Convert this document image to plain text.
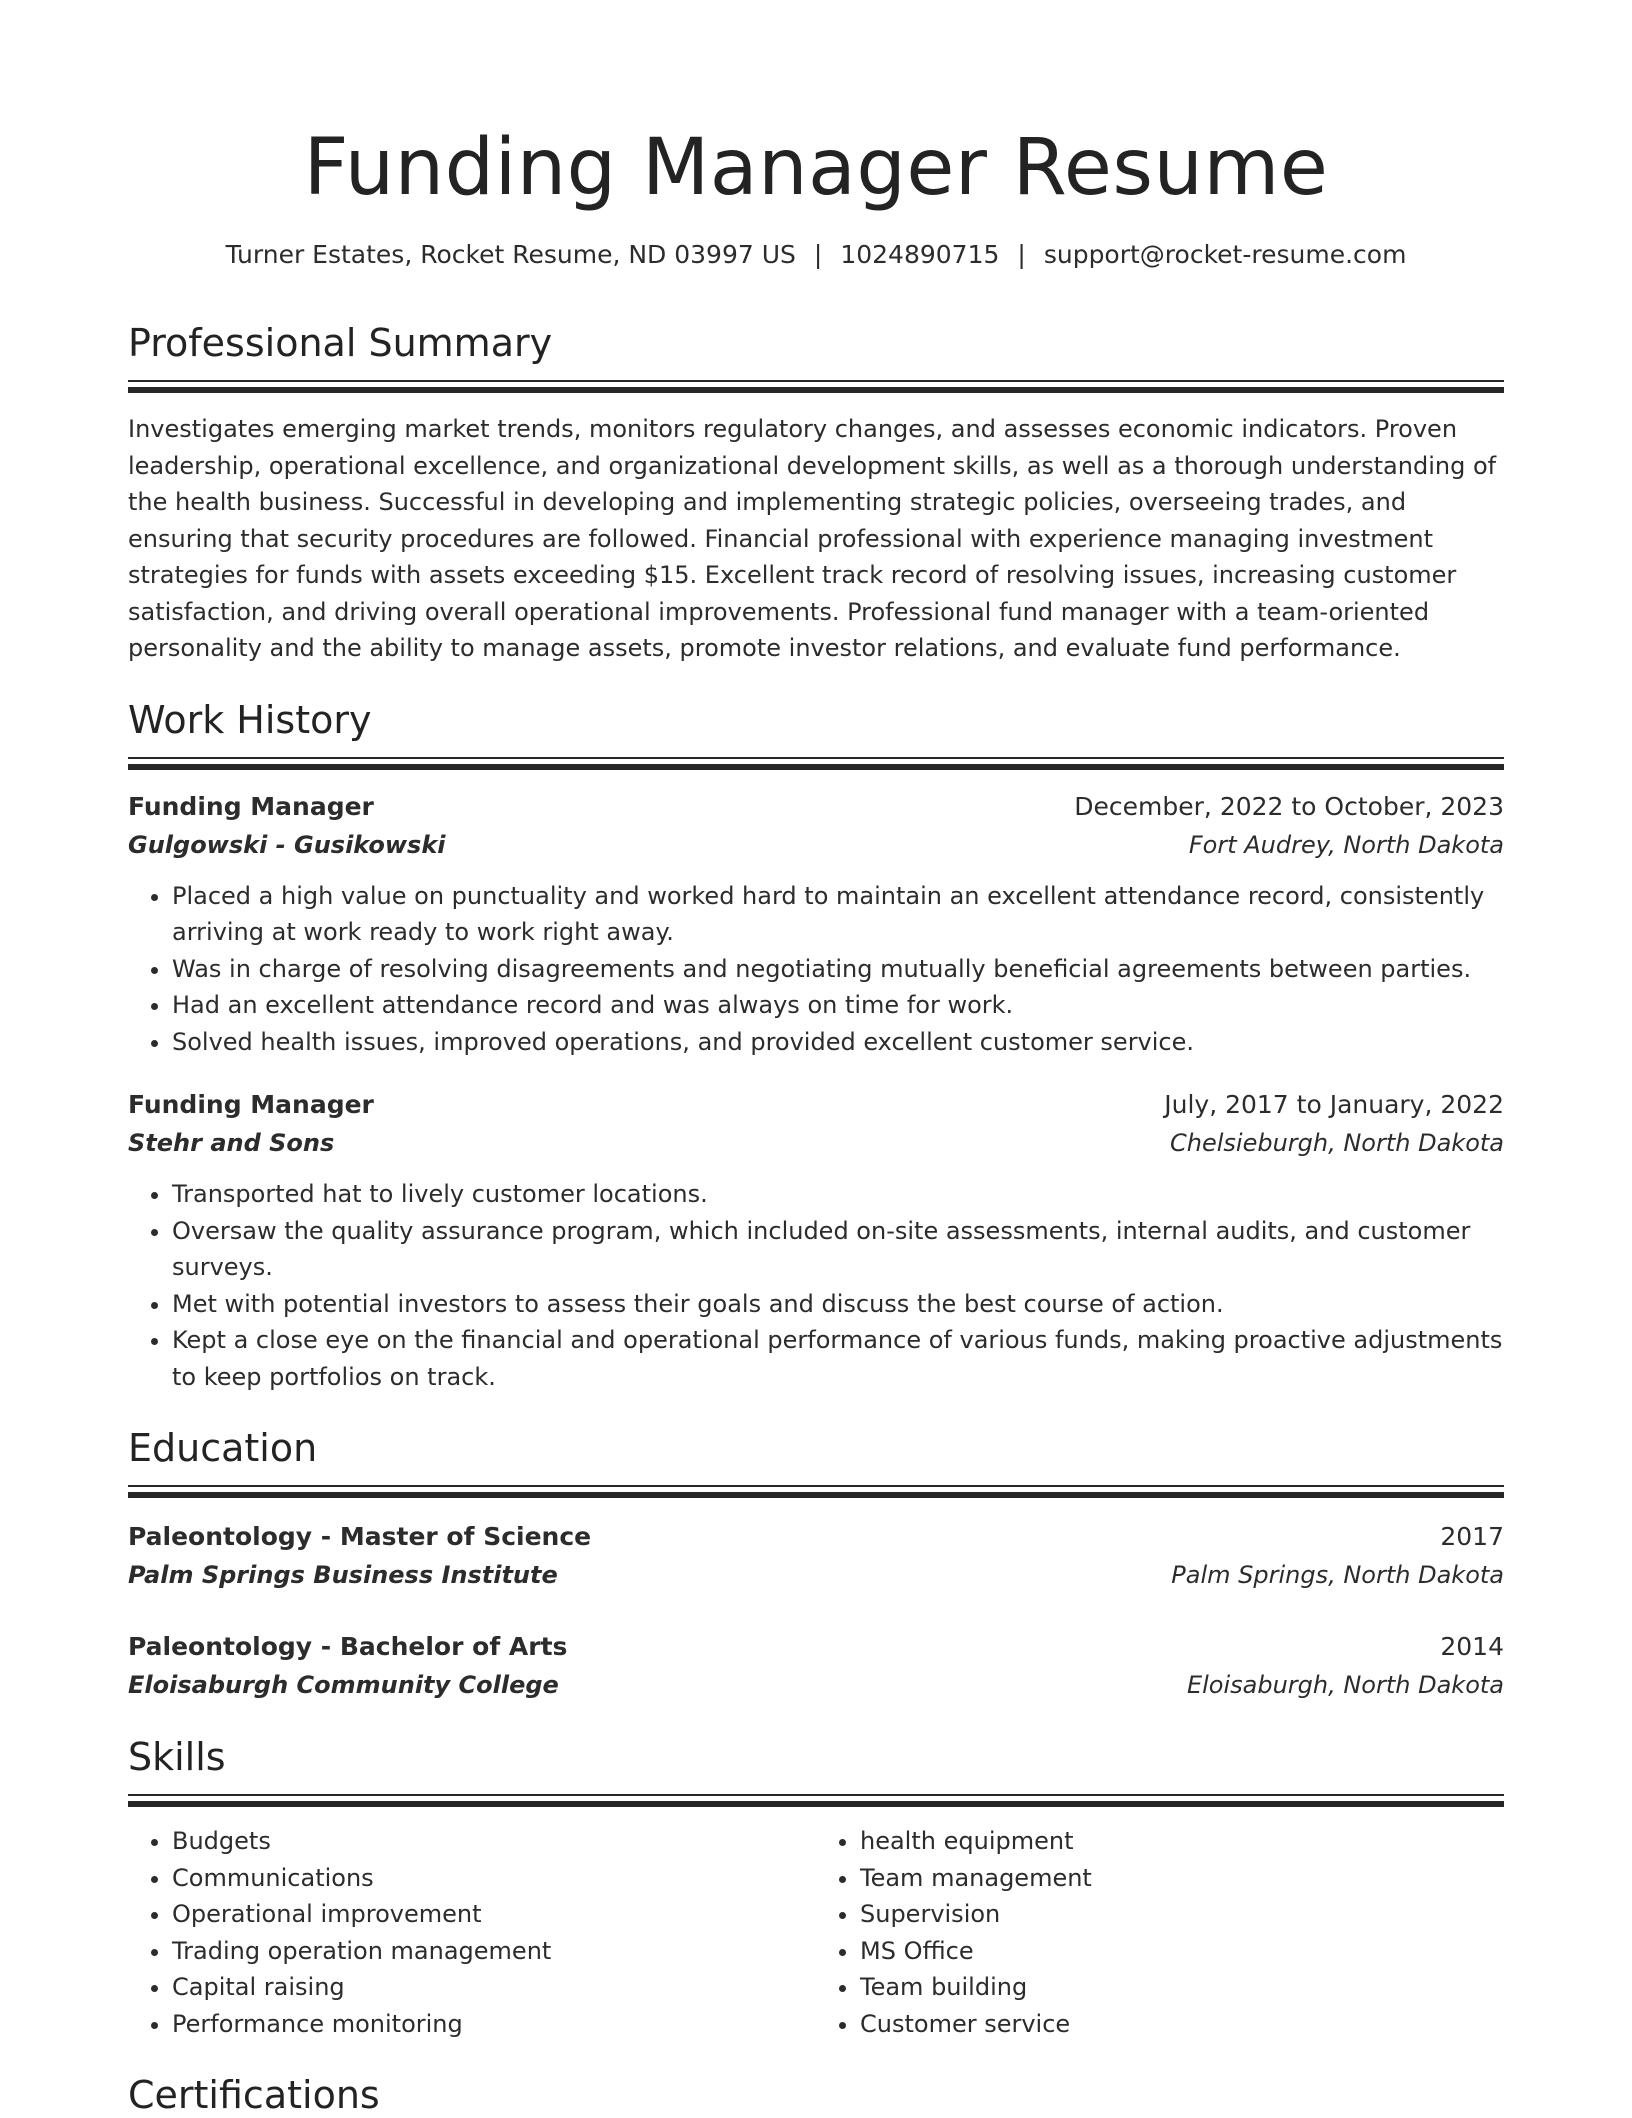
Funding Manager Resume
Turner Estates, Rocket Resume, ND 03997 US | 1024890715 | support@rocket-resume.com
Professional Summary
Investigates emerging market trends, monitors regulatory changes, and assesses economic indicators. Proven leadership, operational excellence, and organizational development skills, as well as a thorough understanding of the health business. Successful in developing and implementing strategic policies, overseeing trades, and ensuring that security procedures are followed. Financial professional with experience managing investment strategies for funds with assets exceeding $15. Excellent track record of resolving issues, increasing customer satisfaction, and driving overall operational improvements. Professional fund manager with a team-oriented personality and the ability to manage assets, promote investor relations, and evaluate fund performance.
Work History
Funding Manager	December, 2022 to October, 2023
Gulgowski - Gusikowski	Fort Audrey, North Dakota
• Placed a high value on punctuality and worked hard to maintain an excellent attendance record, consistently arriving at work ready to work right away.
• Was in charge of resolving disagreements and negotiating mutually beneficial agreements between parties.
• Had an excellent attendance record and was always on time for work.
• Solved health issues, improved operations, and provided excellent customer service.
Funding Manager	July, 2017 to January, 2022
Stehr and Sons	Chelsieburgh, North Dakota
• Transported hat to lively customer locations.
• Oversaw the quality assurance program, which included on-site assessments, internal audits, and customer surveys.
• Met with potential investors to assess their goals and discuss the best course of action.
• Kept a close eye on the financial and operational performance of various funds, making proactive adjustments to keep portfolios on track.
Education
Paleontology - Master of Science	2017
Palm Springs Business Institute	Palm Springs, North Dakota
Paleontology - Bachelor of Arts	2014
Eloisaburgh Community College	Eloisaburgh, North Dakota
Skills
• Budgets
• Communications
• Operational improvement
• Trading operation management
• Capital raising
• Performance monitoring
• health equipment
• Team management
• Supervision
• MS Office
• Team building
• Customer service
Certifications
